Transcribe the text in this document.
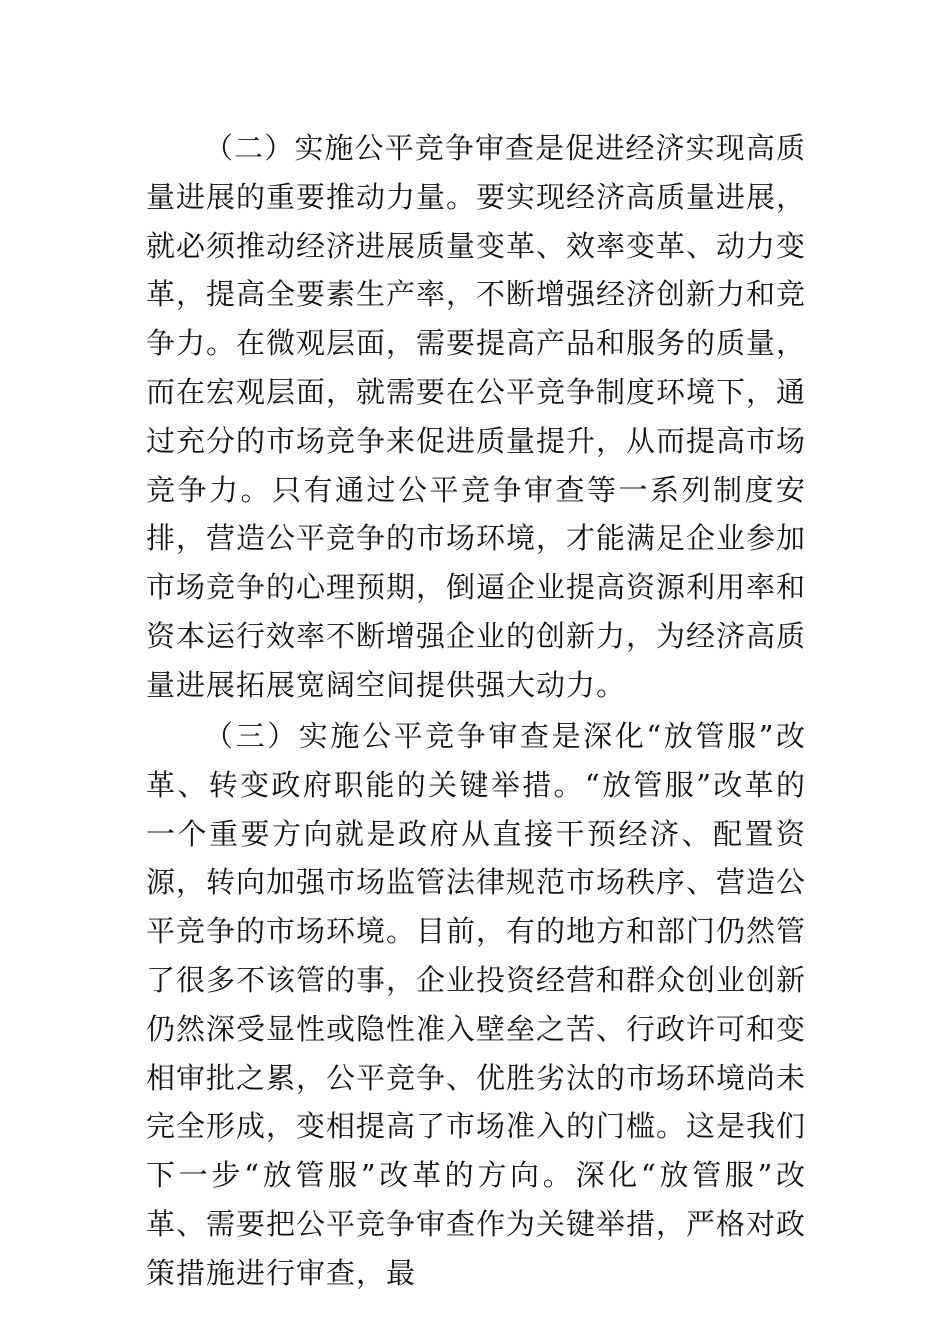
（二）实施公平竞争审查是促进经济实现高质量进展的重要推动力量。要实现经济高质量进展，就必须推动经济进展质量变革、效率变革、动力变革，提高全要素生产率，不断增强经济创新力和竞争力。在微观层面，需要提高产品和服务的质量，而在宏观层面，就需要在公平竞争制度环境下，通过充分的市场竞争来促进质量提升，从而提高市场竞争力。只有通过公平竞争审查等一系列制度安排，营造公平竞争的市场环境，才能满足企业参加市场竞争的心理预期，倒逼企业提高资源利用率和资本运行效率不断增强企业的创新力，为经济高质量进展拓展宽阔空间提供强大动力。

（三）实施公平竞争审查是深化“放管服”改革、转变政府职能的关键举措。“放管服”改革的一个重要方向就是政府从直接干预经济、配置资源，转向加强市场监管法律规范市场秩序、营造公平竞争的市场环境。目前，有的地方和部门仍然管了很多不该管的事，企业投资经营和群众创业创新仍然深受显性或隐性准入壁垒之苦、行政许可和变相审批之累，公平竞争、优胜劣汰的市场环境尚未完全形成，变相提高了市场准入的门槛。这是我们下一步“放管服”改革的方向。深化“放管服”改革、需要把公平竞争审查作为关键举措，严格对政策措施进行审查，最
